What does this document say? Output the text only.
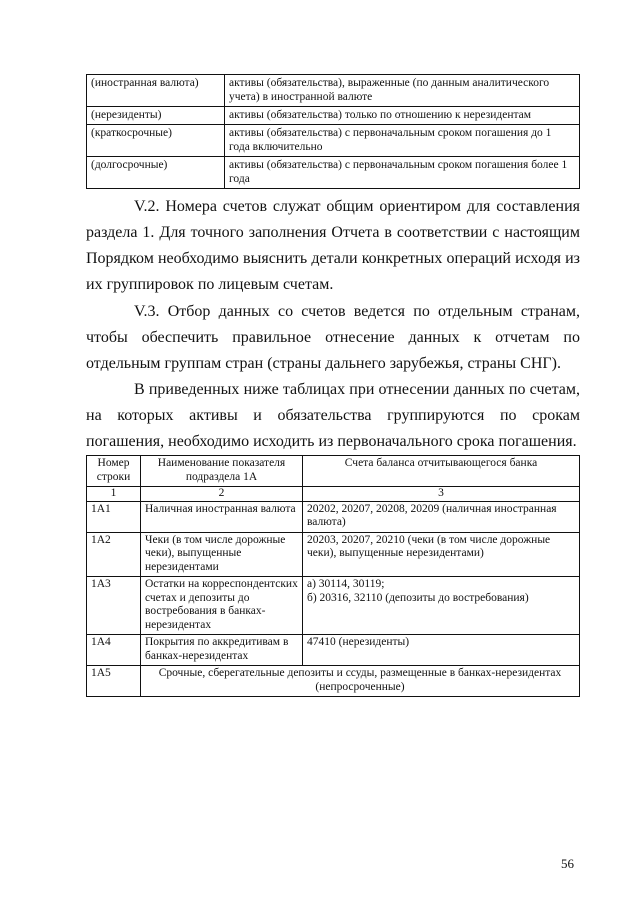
(иностранная валюта)	активы (обязательства), выраженные (по данным аналитического учета) в иностранной валюте
(нерезиденты)	активы (обязательства) только по отношению к нерезидентам
(краткосрочные)	активы (обязательства) с первоначальным сроком погашения до 1 года включительно
(долгосрочные)	активы (обязательства) с первоначальным сроком погашения более 1 года

V.2. Номера счетов служат общим ориентиром для составления раздела 1. Для точного заполнения Отчета в соответствии с настоящим Порядком необходимо выяснить детали конкретных операций исходя из их группировок по лицевым счетам.

V.3. Отбор данных со счетов ведется по отдельным странам, чтобы обеспечить правильное отнесение данных к отчетам по отдельным группам стран (страны дальнего зарубежья, страны СНГ).

В приведенных ниже таблицах при отнесении данных по счетам, на которых активы и обязательства группируются по срокам погашения, необходимо исходить из первоначального срока погашения.

Номер строки	Наименование показателя подраздела 1А	Счета баланса отчитывающегося банка
1	2	3
1А1	Наличная иностранная валюта	20202, 20207, 20208, 20209 (наличная иностранная валюта)
1А2	Чеки (в том числе дорожные чеки), выпущенные нерезидентами	20203, 20207, 20210 (чеки (в том числе дорожные чеки), выпущенные нерезидентами)
1А3	Остатки на корреспондентских счетах и депозиты до востребования в банках-нерезидентах	а) 30114, 30119;
б) 20316, 32110 (депозиты до востребования)
1А4	Покрытия по аккредитивам в банках-нерезидентах	47410 (нерезиденты)
1А5	Срочные, сберегательные депозиты и ссуды, размещенные в банках-нерезидентах (непросроченные)	
56
